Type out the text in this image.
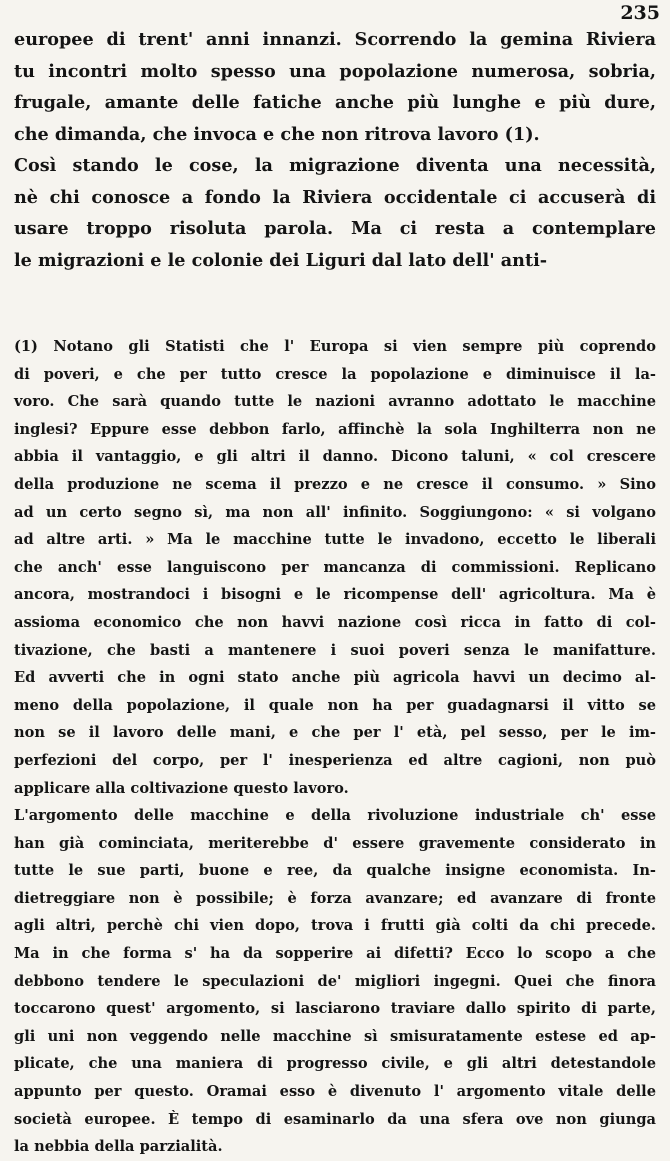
235
europee di trent' anni innanzi. Scorrendo la gemina Riviera
tu incontri molto spesso una popolazione numerosa, sobria,
frugale, amante delle fatiche anche più lunghe e più dure,
che dimanda, che invoca e che non ritrova lavoro (1).
Così stando le cose, la migrazione diventa una necessità,
nè chi conosce a fondo la Riviera occidentale ci accuserà di
usare troppo risoluta parola. Ma ci resta a contemplare
le migrazioni e le colonie dei Liguri dal lato dell' anti-
(1) Notano gli Statisti che l' Europa si vien sempre più coprendo
di poveri, e che per tutto cresce la popolazione e diminuisce il la-
voro. Che sarà quando tutte le nazioni avranno adottato le macchine
inglesi? Eppure esse debbon farlo, affinchè la sola Inghilterra non ne
abbia il vantaggio, e gli altri il danno. Dicono taluni, « col crescere
della produzione ne scema il prezzo e ne cresce il consumo. » Sino
ad un certo segno sì, ma non all' infinito. Soggiungono: « si volgano
ad altre arti. » Ma le macchine tutte le invadono, eccetto le liberali
che anch' esse languiscono per mancanza di commissioni. Replicano
ancora, mostrandoci i bisogni e le ricompense dell' agricoltura. Ma è
assioma economico che non havvi nazione così ricca in fatto di col-
tivazione, che basti a mantenere i suoi poveri senza le manifatture.
Ed avverti che in ogni stato anche più agricola havvi un decimo al-
meno della popolazione, il quale non ha per guadagnarsi il vitto se
non se il lavoro delle mani, e che per l' età, pel sesso, per le im-
perfezioni del corpo, per l' inesperienza ed altre cagioni, non può
applicare alla coltivazione questo lavoro.
L'argomento delle macchine e della rivoluzione industriale ch' esse
han già cominciata, meriterebbe d' essere gravemente considerato in
tutte le sue parti, buone e ree, da qualche insigne economista. In-
dietreggiare non è possibile; è forza avanzare; ed avanzare di fronte
agli altri, perchè chi vien dopo, trova i frutti già colti da chi precede.
Ma in che forma s' ha da sopperire ai difetti? Ecco lo scopo a che
debbono tendere le speculazioni de' migliori ingegni. Quei che finora
toccarono quest' argomento, si lasciarono traviare dallo spirito di parte,
gli uni non veggendo nelle macchine sì smisuratamente estese ed ap-
plicate, che una maniera di progresso civile, e gli altri detestandole
appunto per questo. Oramai esso è divenuto l' argomento vitale delle
società europee. È tempo di esaminarlo da una sfera ove non giunga
la nebbia della parzialità.
